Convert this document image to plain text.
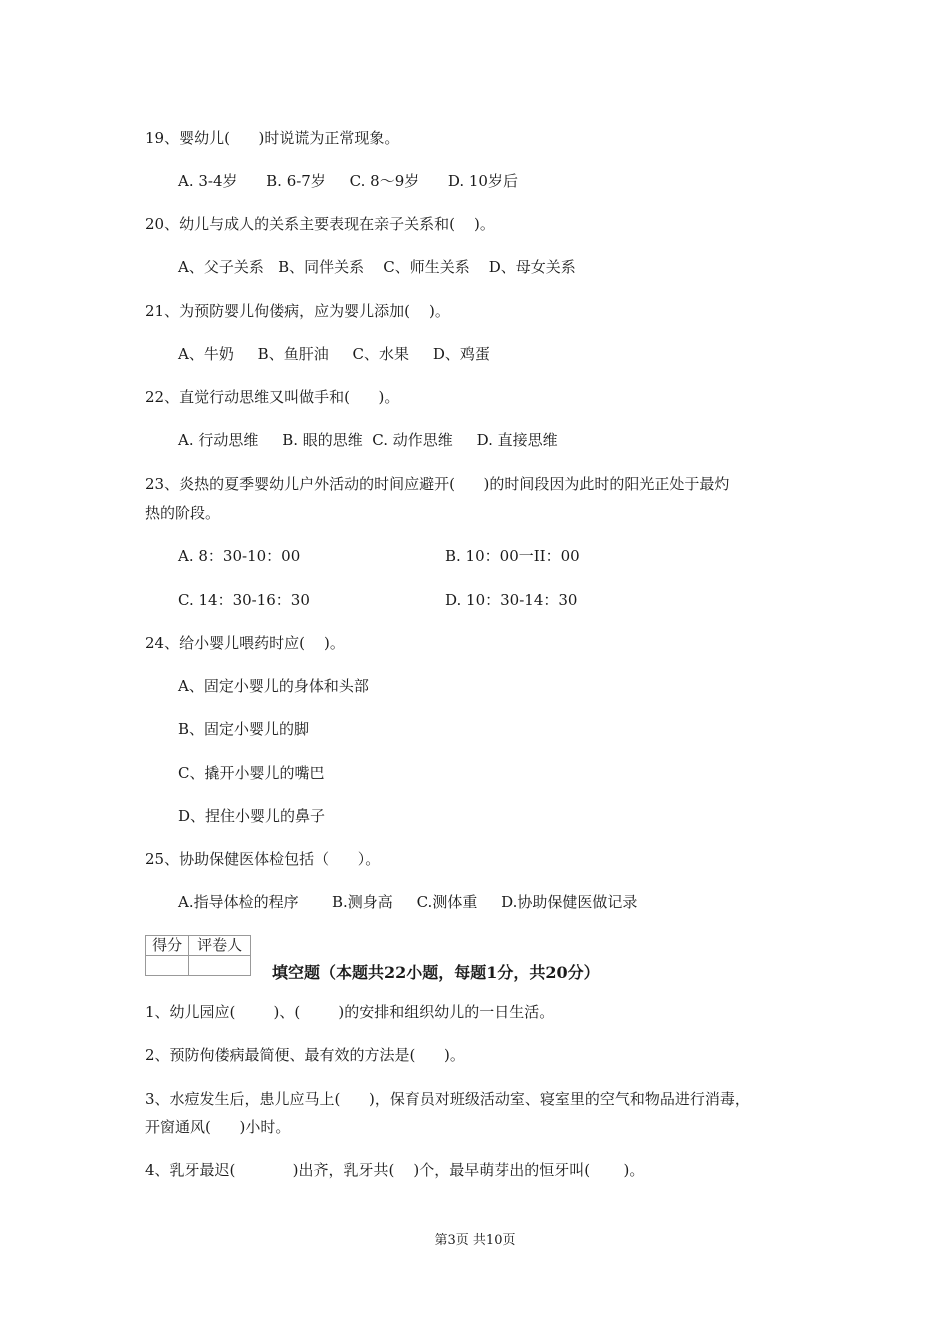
19、婴幼儿(      )时说谎为正常现象。
A. 3-4岁      B. 6-7岁     C. 8～9岁      D. 10岁后
20、幼儿与成人的关系主要表现在亲子关系和(    )。
A、父子关系   B、同伴关系    C、师生关系    D、母女关系
21、为预防婴儿佝偻病，应为婴儿添加(    )。
A、牛奶     B、鱼肝油     C、水果     D、鸡蛋
22、直觉行动思维又叫做手和(      )。
A. 行动思维     B. 眼的思维  C. 动作思维     D. 直接思维
23、炎热的夏季婴幼儿户外活动的时间应避开(      )的时间段因为此时的阳光正处于最灼
热的阶段。
A. 8：30-10：00	B. 10：00一II：00
C. 14：30-16：30	D. 10：30-14：30
24、给小婴儿喂药时应(    )。
A、固定小婴儿的身体和头部
B、固定小婴儿的脚
C、撬开小婴儿的嘴巴
D、捏住小婴儿的鼻子
25、协助保健医体检包括（      ）。
A.指导体检的程序       B.测身高     C.测体重     D.协助保健医做记录
得分	评卷人

填空题（本题共22小题，每题1分，共20分）
1、幼儿园应(        )、(        )的安排和组织幼儿的一日生活。
2、预防佝偻病最简便、最有效的方法是(      )。
3、水痘发生后，患儿应马上(      )，保育员对班级活动室、寝室里的空气和物品进行消毒，
开窗通风(      )小时。
4、乳牙最迟(            )出齐，乳牙共(    )个，最早萌芽出的恒牙叫(       )。
第3页 共10页
